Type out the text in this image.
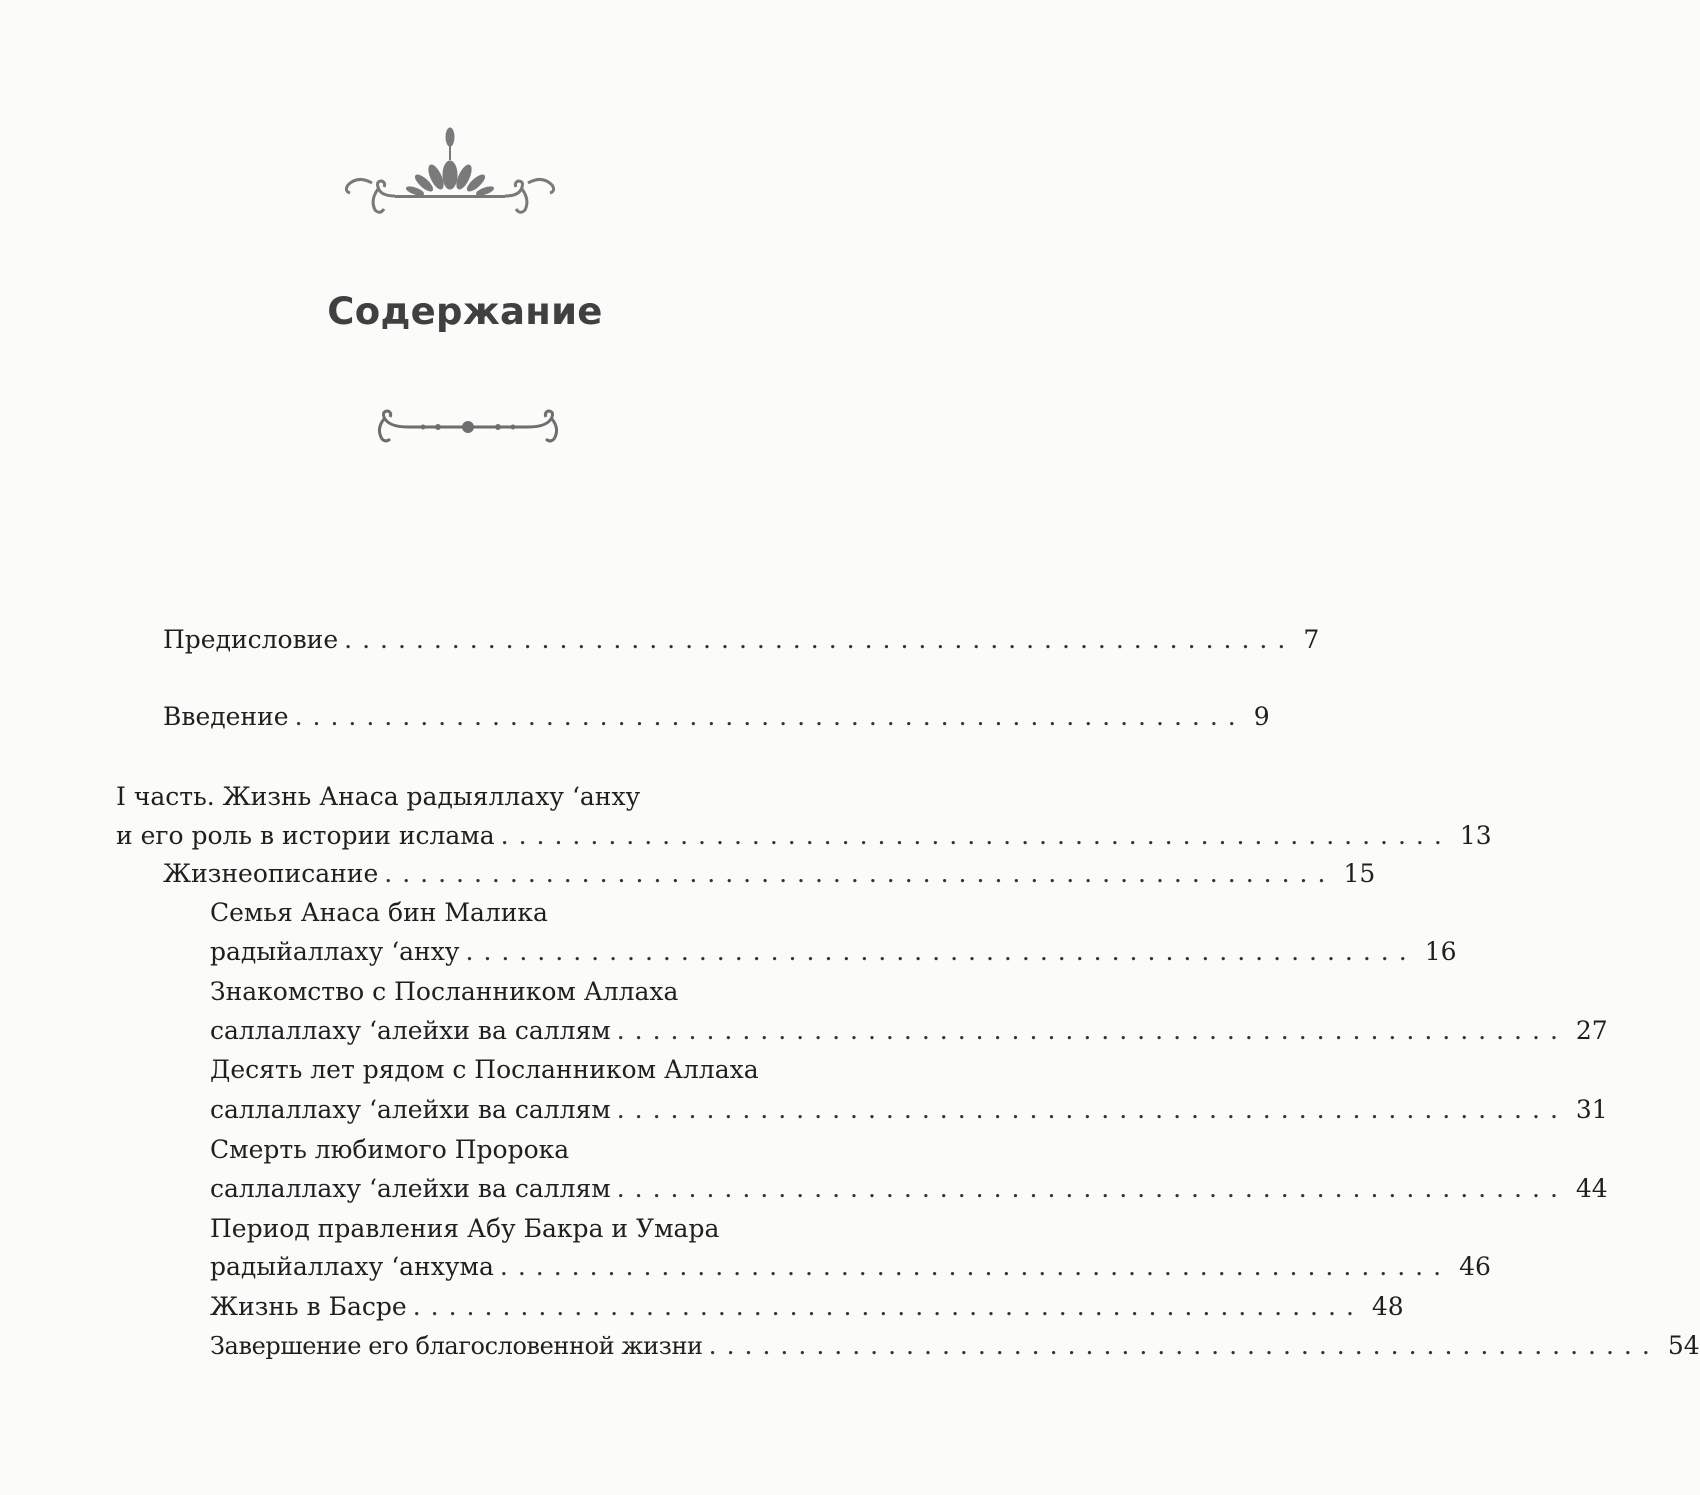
Содержание
Предисловие ..................................................... 7
Введение ..................................................... 9
I часть. Жизнь Анаса радыяллаху ‘анху
и его роль в истории ислама ..................................................... 13
Жизнеописание ..................................................... 15
Семья Анаса бин Малика
радыйаллаху ‘анху ..................................................... 16
Знакомство с Посланником Аллаха
саллаллаху ‘алейхи ва саллям ..................................................... 27
Десять лет рядом с Посланником Аллаха
саллаллаху ‘алейхи ва саллям ..................................................... 31
Смерть любимого Пророка
саллаллаху ‘алейхи ва саллям ..................................................... 44
Период правления Абу Бакра и Умара
радыйаллаху ‘анхума ..................................................... 46
Жизнь в Басре ..................................................... 48
Завершение его благословенной жизни ..................................................... 54
